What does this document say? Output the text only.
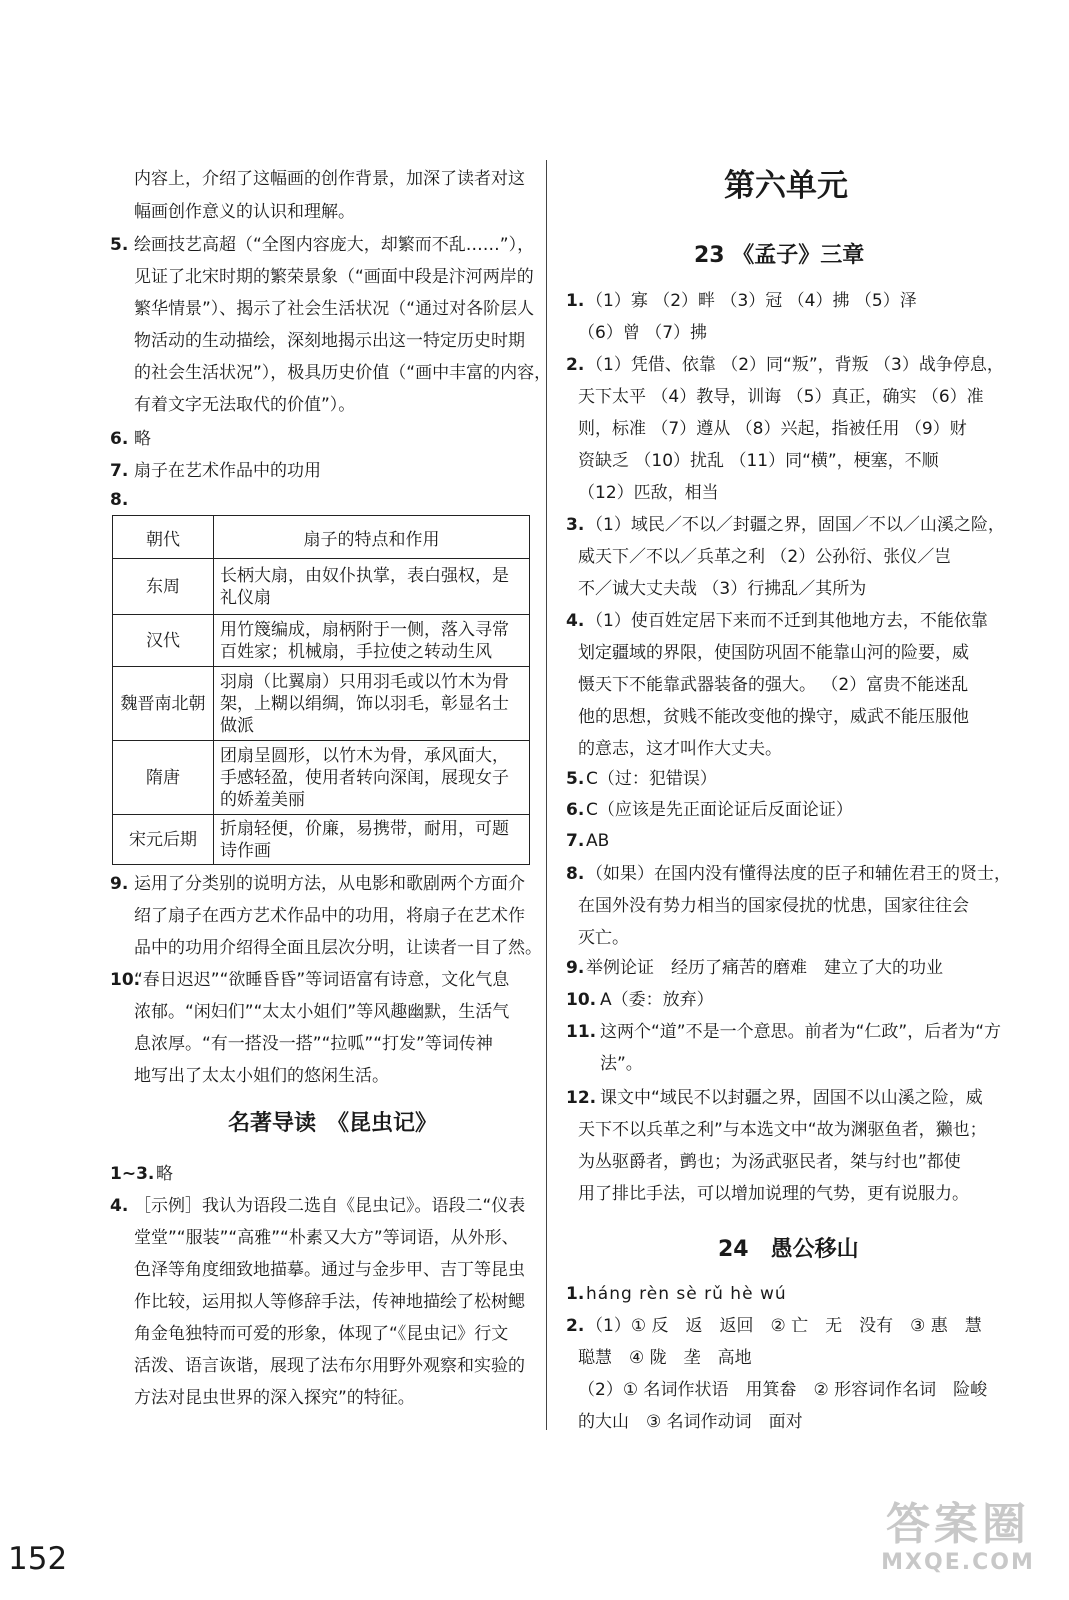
内容上，介绍了这幅画的创作背景，加深了读者对这
幅画创作意义的认识和理解。
5. 绘画技艺高超（“全图内容庞大，却繁而不乱……”），
见证了北宋时期的繁荣景象（“画面中段是汴河两岸的
繁华情景”）、揭示了社会生活状况（“通过对各阶层人
物活动的生动描绘，深刻地揭示出这一特定历史时期
的社会生活状况”），极具历史价值（“画中丰富的内容，
有着文字无法取代的价值”）。
6. 略
7. 扇子在艺术作品中的功用
8.
朝代	扇子的特点和作用
东周	长柄大扇，由奴仆执掌，表白强权，是
礼仪扇

汉代	用竹篾编成，扇柄附于一侧，落入寻常
百姓家；机械扇，手拉使之转动生风

魏晋南北朝	羽扇（比翼扇）只用羽毛或以竹木为骨
架，上糊以绢绸，饰以羽毛，彰显名士
做派

隋唐	团扇呈圆形，以竹木为骨，承风面大，
手感轻盈，使用者转向深闺，展现女子
的娇羞美丽

宋元后期	折扇轻便，价廉，易携带，耐用，可题
诗作画
9. 运用了分类别的说明方法，从电影和歌剧两个方面介
绍了扇子在西方艺术作品中的功用，将扇子在艺术作
品中的功用介绍得全面且层次分明，让读者一目了然。
10.“春日迟迟”“欲睡昏昏”等词语富有诗意，文化气息
浓郁。“闲妇们”“太太小姐们”等风趣幽默，生活气
息浓厚。“有一搭没一搭”“拉呱”“打发”等词传神
地写出了太太小姐们的悠闲生活。
名著导读　《昆虫记》
1~3.略
4. ［示例］我认为语段二选自《昆虫记》。语段二“仪表
堂堂”“服装”“高雅”“朴素又大方”等词语，从外形、
色泽等角度细致地描摹。通过与金步甲、吉丁等昆虫
作比较，运用拟人等修辞手法，传神地描绘了松树鳃
角金龟独特而可爱的形象，体现了“《昆虫记》行文
活泼、语言诙谐，展现了法布尔用野外观察和实验的
方法对昆虫世界的深入探究”的特征。
第六单元
23 《孟子》三章
1. （1）寡 （2）畔 （3）冠 （4）拂 （5）泽
（6）曾 （7）拂
2. （1）凭借、依靠 （2）同“叛”，背叛 （3）战争停息，
天下太平 （4）教导，训诲 （5）真正，确实 （6）准
则，标准 （7）遵从 （8）兴起，指被任用 （9）财
资缺乏 （10）扰乱 （11）同“横”，梗塞，不顺
（12）匹敌，相当
3. （1）域民／不以／封疆之界，固国／不以／山溪之险，
威天下／不以／兵革之利 （2）公孙衍、张仪／岂
不／诚大丈夫哉 （3）行拂乱／其所为
4. （1）使百姓定居下来而不迁到其他地方去，不能依靠
划定疆域的界限，使国防巩固不能靠山河的险要，威
慑天下不能靠武器装备的强大。 （2）富贵不能迷乱
他的思想，贫贱不能改变他的操守，威武不能压服他
的意志，这才叫作大丈夫。
5. C（过：犯错误）
6. C（应该是先正面论证后反面论证）
7. AB
8. （如果）在国内没有懂得法度的臣子和辅佐君王的贤士，
在国外没有势力相当的国家侵扰的忧患，国家往往会
灭亡。
9. 举例论证　经历了痛苦的磨难　建立了大的功业
10. A（委：放弃）
11. 这两个“道”不是一个意思。前者为“仁政”，后者为“方
法”。
12. 课文中“域民不以封疆之界，固国不以山溪之险，威
天下不以兵革之利”与本选文中“故为渊驱鱼者，獭也；
为丛驱爵者，鹯也；为汤武驱民者，桀与纣也”都使
用了排比手法，可以增加说理的气势，更有说服力。
24　愚公移山
1. háng rèn sè rǔ hè wú
2. （1）① 反　返　返回　② 亡　无　没有　③ 惠　慧
聪慧　④ 陇　垄　高地
（2）① 名词作状语　用箕畚　② 形容词作名词　险峻
的大山　③ 名词作动词　面对
152
答案圈
MXQE.COM
